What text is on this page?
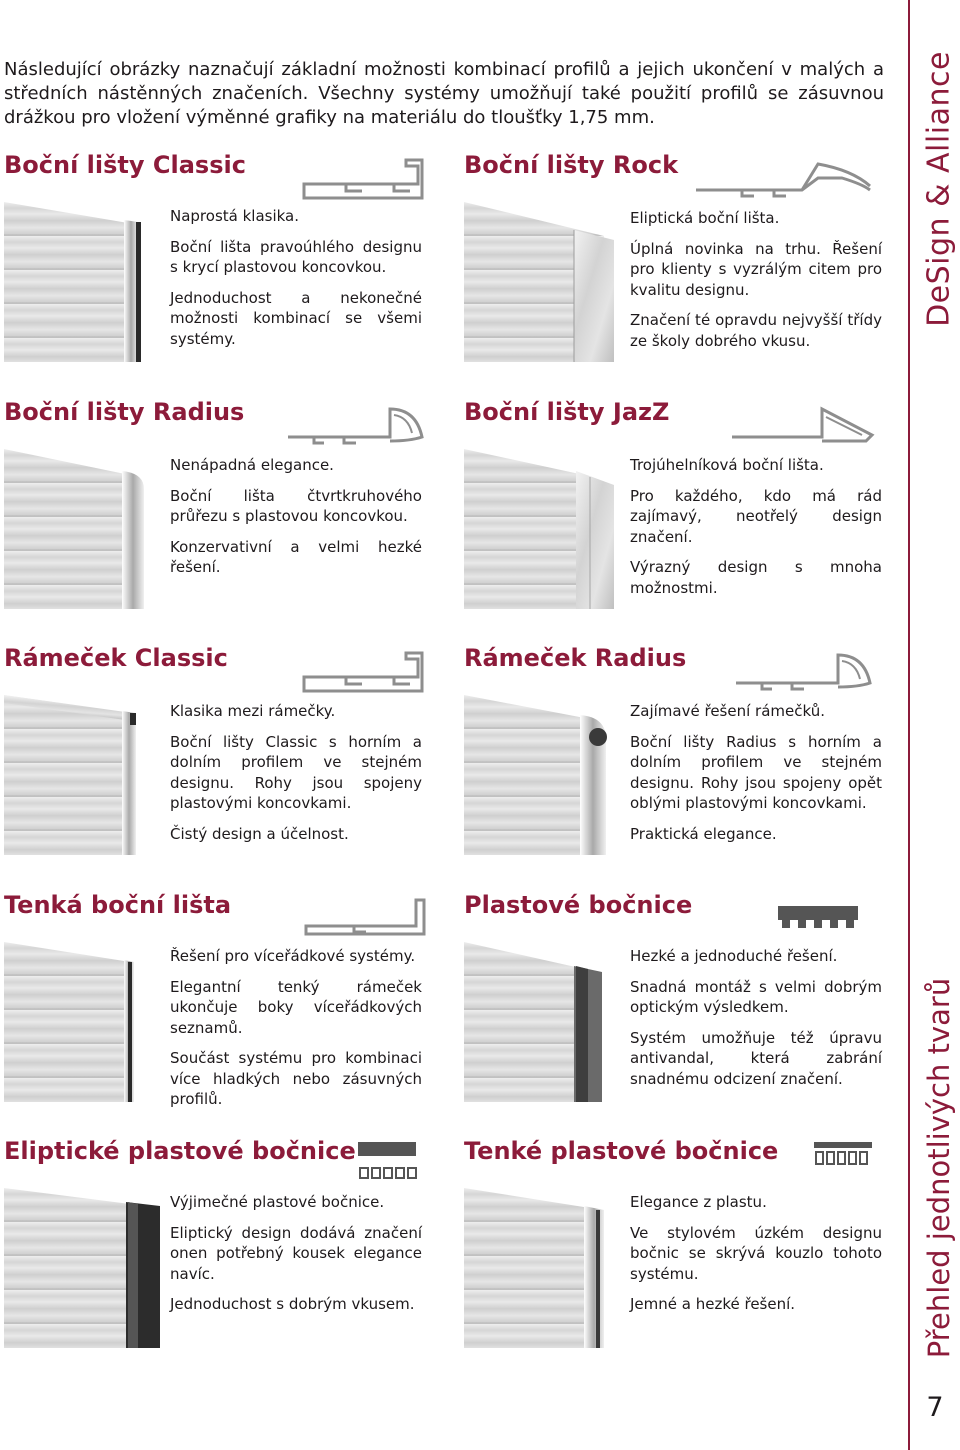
Následující obrázky naznačují základní možnosti kombinací profilů a jejich ukončení v malých a středních nástěnných značeních. Všechny systémy umožňují také použití profilů se zásuvnou drážkou pro vložení výměnné grafiky na materiálu do tloušťky 1,75 mm.	DeSign & Alliance
Přehled jednotlivých tvarů
7
Boční lišty Classic

Naprostá klasika.

Boční lišta pravoúhlého designu s krycí plastovou koncovkou.

Jednoduchost a nekonečné možnosti kombinací se všemi systémy.

Boční lišty Rock

Eliptická boční lišta.

Úplná novinka na trhu. Řešení pro klienty s vyzrálým citem pro kvalitu designu.

Značení té opravdu nejvyšší třídy ze školy dobrého vkusu.

Boční lišty Radius

Nenápadná elegance.

Boční lišta čtvrtkruhového průřezu s plastovou koncovkou.

Konzervativní a velmi hezké řešení.

Boční lišty JazZ

Trojúhelníková boční lišta.

Pro každého, kdo má rád zajímavý, neotřelý design značení.

Výrazný design s mnoha možnostmi.

Rámeček Classic

Klasika mezi rámečky.

Boční lišty Classic s horním a dolním profilem ve stejném designu. Rohy jsou spojeny plastovými koncovkami.

Čistý design a účelnost.

Rámeček Radius

Zajímavé řešení rámečků.

Boční lišty Radius s horním a dolním profilem ve stejném designu. Rohy jsou spojeny opět oblými plastovými koncovkami.

Praktická elegance.

Tenká boční lišta

Řešení pro víceřádkové systémy.

Elegantní tenký rámeček ukončuje boky víceřádkových seznamů.

Součást systému pro kombinaci více hladkých nebo zásuvných profilů.

Plastové bočnice

Hezké a jednoduché řešení.

Snadná montáž s velmi dobrým optickým výsledkem.

Systém umožňuje též úpravu antivandal, která zabrání snadnému odcizení značení.

Eliptické plastové bočnice

Výjimečné plastové bočnice.

Eliptický design dodává značení onen potřebný kousek elegance navíc.

Jednoduchost s dobrým vkusem.

Tenké plastové bočnice

Elegance z plastu.

Ve stylovém úzkém designu bočnic se skrývá kouzlo tohoto systému.

Jemné a hezké řešení.
